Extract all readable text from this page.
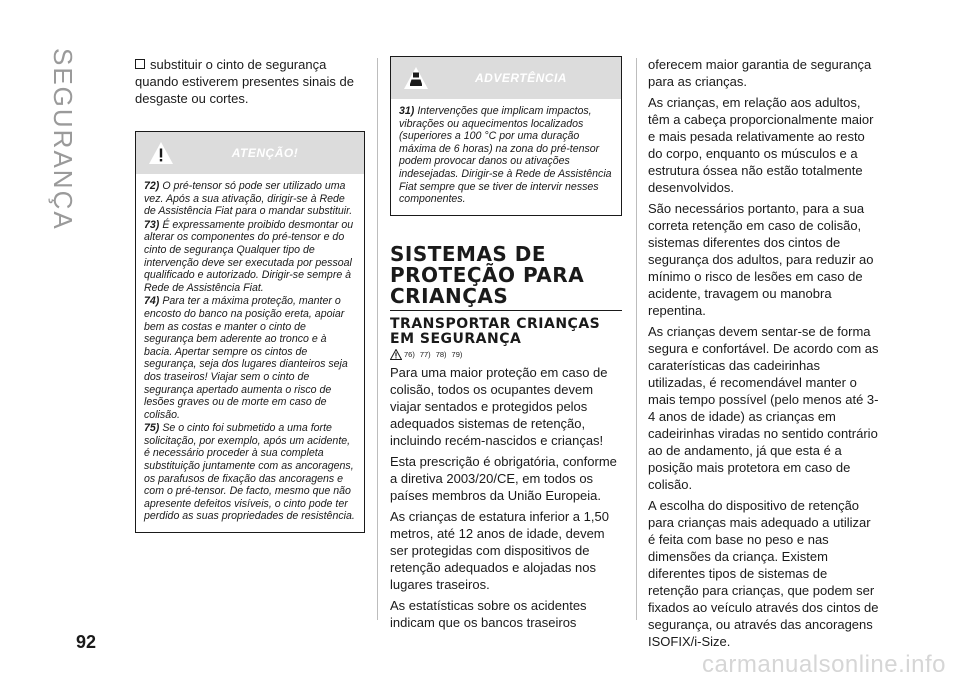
SEGURANÇA
92
carmanualsonline.info

substituir o cinto de segurança quando estiverem presentes sinais de desgaste ou cortes.

ATENÇÃO!

72) O pré-tensor só pode ser utilizado uma vez. Após a sua ativação, dirigir-se à Rede de Assistência Fiat para o mandar substituir.

73) É expressamente proibido desmontar ou alterar os componentes do pré-tensor e do cinto de segurança Qualquer tipo de intervenção deve ser executada por pessoal qualificado e autorizado. Dirigir-se sempre à Rede de Assistência Fiat.

74) Para ter a máxima proteção, manter o encosto do banco na posição ereta, apoiar bem as costas e manter o cinto de segurança bem aderente ao tronco e à bacia. Apertar sempre os cintos de segurança, seja dos lugares dianteiros seja dos traseiros! Viajar sem o cinto de segurança apertado aumenta o risco de lesões graves ou de morte em caso de colisão.

75) Se o cinto foi submetido a uma forte solicitação, por exemplo, após um acidente, é necessário proceder à sua completa substituição juntamente com as ancoragens, os parafusos de fixação das ancoragens e com o pré-tensor. De facto, mesmo que não apresente defeitos visíveis, o cinto pode ter perdido as suas propriedades de resistência.

ADVERTÊNCIA

31) Intervenções que implicam impactos, vibrações ou aquecimentos localizados (superiores a 100 °C por uma duração máxima de 6 horas) na zona do pré-tensor podem provocar danos ou ativações indesejadas. Dirigir-se à Rede de Assistência Fiat sempre que se tiver de intervir nesses componentes.

SISTEMAS DE PROTEÇÃO PARA CRIANÇAS
TRANSPORTAR CRIANÇAS EM SEGURANÇA
76) 77) 78) 79)

Para uma maior proteção em caso de colisão, todos os ocupantes devem viajar sentados e protegidos pelos adequados sistemas de retenção, incluindo recém-nascidos e crianças!

Esta prescrição é obrigatória, conforme a diretiva 2003/20/CE, em todos os países membros da União Europeia.

As crianças de estatura inferior a 1,50 metros, até 12 anos de idade, devem ser protegidas com dispositivos de retenção adequados e alojadas nos lugares traseiros.

As estatísticas sobre os acidentes indicam que os bancos traseiros

oferecem maior garantia de segurança para as crianças.

As crianças, em relação aos adultos, têm a cabeça proporcionalmente maior e mais pesada relativamente ao resto do corpo, enquanto os músculos e a estrutura óssea não estão totalmente desenvolvidos.

São necessários portanto, para a sua correta retenção em caso de colisão, sistemas diferentes dos cintos de segurança dos adultos, para reduzir ao mínimo o risco de lesões em caso de acidente, travagem ou manobra repentina.

As crianças devem sentar-se de forma segura e confortável. De acordo com as caraterísticas das cadeirinhas utilizadas, é recomendável manter o mais tempo possível (pelo menos até 3-4 anos de idade) as crianças em cadeirinhas viradas no sentido contrário ao de andamento, já que esta é a posição mais protetora em caso de colisão.

A escolha do dispositivo de retenção para crianças mais adequado a utilizar é feita com base no peso e nas dimensões da criança. Existem diferentes tipos de sistemas de retenção para crianças, que podem ser fixados ao veículo através dos cintos de segurança, ou através das ancoragens ISOFIX/i-Size.
